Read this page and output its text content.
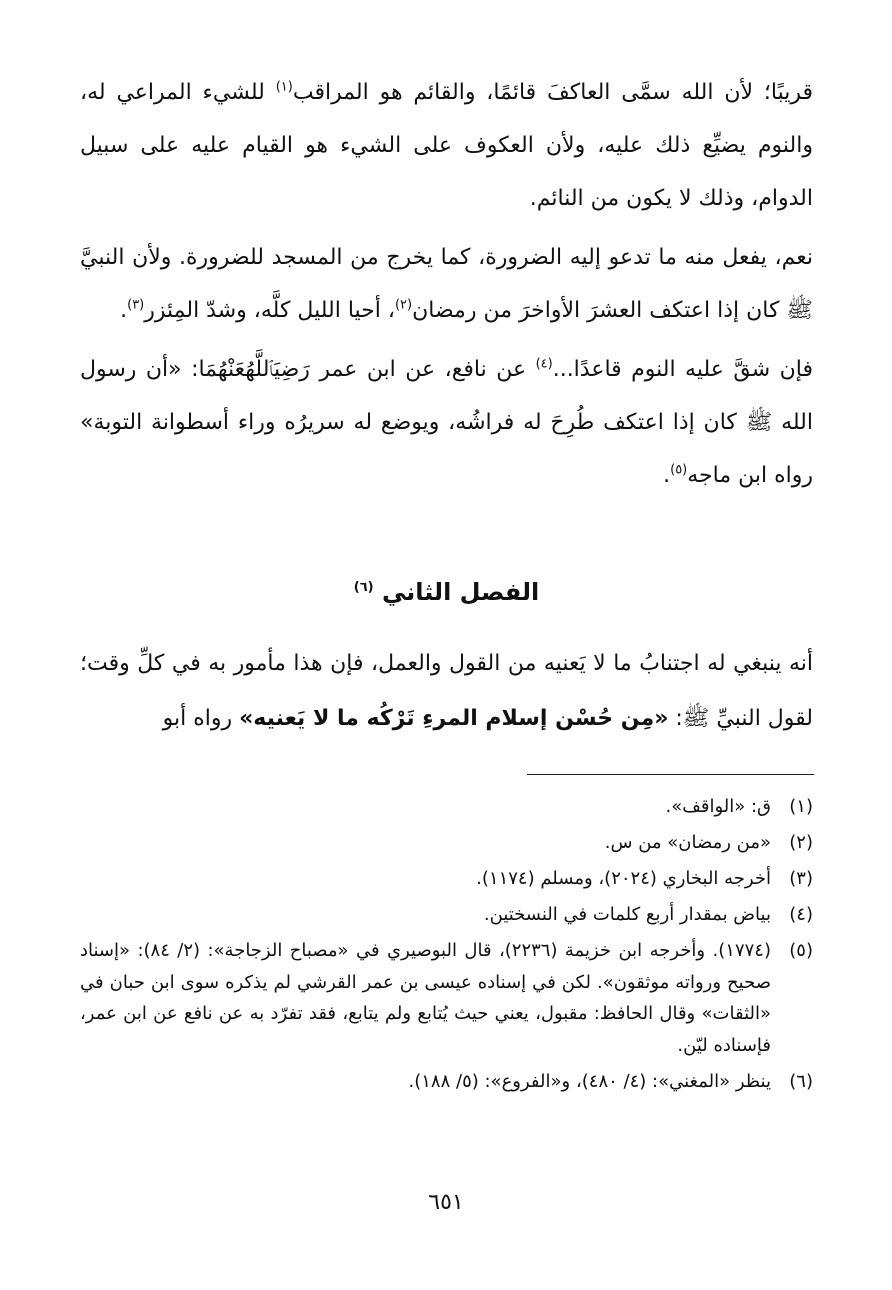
قريبًا؛ لأن الله سمَّى العاكفَ قائمًا، والقائم هو المراقب$^{(١)}$ للشيء المراعي له، والنوم يضيِّع ذلك عليه، ولأن العكوف على الشيء هو القيام عليه على سبيل الدوام، وذلك لا يكون من النائم.

نعم، يفعل منه ما تدعو إليه الضرورة، كما يخرج من المسجد للضرورة. ولأن النبيَّ ﷺ كان إذا اعتكف العشرَ الأواخرَ من رمضان$^{(٢)}$، أحيا الليل كلَّه، وشدّ المِئزر$^{(٣)}$.

فإن شقَّ عليه النوم قاعدًا...$^{(٤)}$ عن نافع، عن ابن عمر رَضِيَٱللَّهُعَنْهُمَا: «أن رسول الله ﷺ كان إذا اعتكف طُرِحَ له فراشُه، ويوضع له سريرُه وراء أسطوانة التوبة» رواه ابن ماجه$^{(٥)}$.

الفصل الثاني $^{(٦)}$

أنه ينبغي له اجتنابُ ما لا يَعنيه من القول والعمل، فإن هذا مأمور به في كلِّ وقت؛ لقول النبيِّ ﷺ: «مِن حُسْن إسلام المرءِ تَرْكُه ما لا يَعنيه» رواه أبو

(١)
ق: «الواقف».
(٢)
«من رمضان» من س.
(٣)
أخرجه البخاري (٢٠٢٤)، ومسلم (١١٧٤).
(٤)
بياض بمقدار أربع كلمات في النسختين.
(٥)
(١٧٧٤). وأخرجه ابن خزيمة (٢٢٣٦)، قال البوصيري في «مصباح الزجاجة»: (٢/ ٨٤): «إسناد صحيح ورواته موثقون». لكن في إسناده عيسى بن عمر القرشي لم يذكره سوى ابن حبان في «الثقات» وقال الحافظ: مقبول، يعني حيث يُتابع ولم يتابع، فقد تفرّد به عن نافع عن ابن عمر، فإسناده ليّن.
(٦)
ينظر «المغني»: (٤/ ٤٨٠)، و«الفروع»: (٥/ ١٨٨).
٦٥١
